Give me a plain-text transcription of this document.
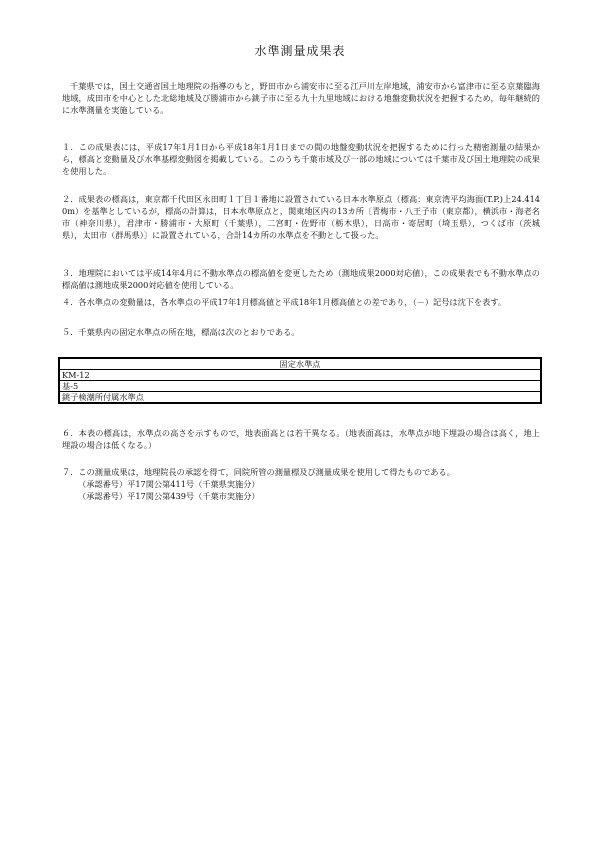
水準測量成果表
千葉県では，国土交通省国土地理院の指導のもと，野田市から浦安市に至る江戸川左岸地域，浦安市から富津市に至る京葉臨海地域，成田市を中心とした北総地域及び勝浦市から銚子市に至る九十九里地域における地盤変動状況を把握するため，毎年継続的に水準測量を実施している。
１．この成果表には，平成17年1月1日から平成18年1月1日までの間の地盤変動状況を把握するために行った精密測量の結果から，標高と変動量及び水準基標変動図を掲載している。このうち千葉市域及び一部の地域については千葉市及び国土地理院の成果を使用した。
２．成果表の標高は，東京都千代田区永田町１丁目１番地に設置されている日本水準原点（標高：東京湾平均海面(T.P.)上24.4140m）を基準としているが，標高の計算は，日本水準原点と，関東地区内の13カ所〔青梅市・八王子市（東京都），横浜市・海老名市（神奈川県），君津市・勝浦市・大原町（千葉県），二宮町・佐野市（栃木県），日高市・寄居町（埼玉県），つくば市（茨城県），太田市（群馬県）〕に設置されている，合計14カ所の水準点を不動として扱った。
３．地理院においては平成14年4月に不動水準点の標高値を変更したため（測地成果2000対応値），この成果表でも不動水準点の標高値は測地成果2000対応値を使用している。
４．各水準点の変動量は，各水準点の平成17年1月標高値と平成18年1月標高値との差であり，（－）記号は沈下を表す。
５．千葉県内の固定水準点の所在地，標高は次のとおりである。
固定水準点
KM-12
基-5
銚子検潮所付属水準点
６．本表の標高は，水準点の高さを示すもので，地表面高とは若干異なる。（地表面高は，水準点が地下埋設の場合は高く，地上埋設の場合は低くなる。）
７．この測量成果は，地理院長の承認を得て，同院所管の測量標及び測量成果を使用して得たものである。
（承認番号）平17関公第411号（千葉県実施分）
（承認番号）平17関公第439号（千葉市実施分）
